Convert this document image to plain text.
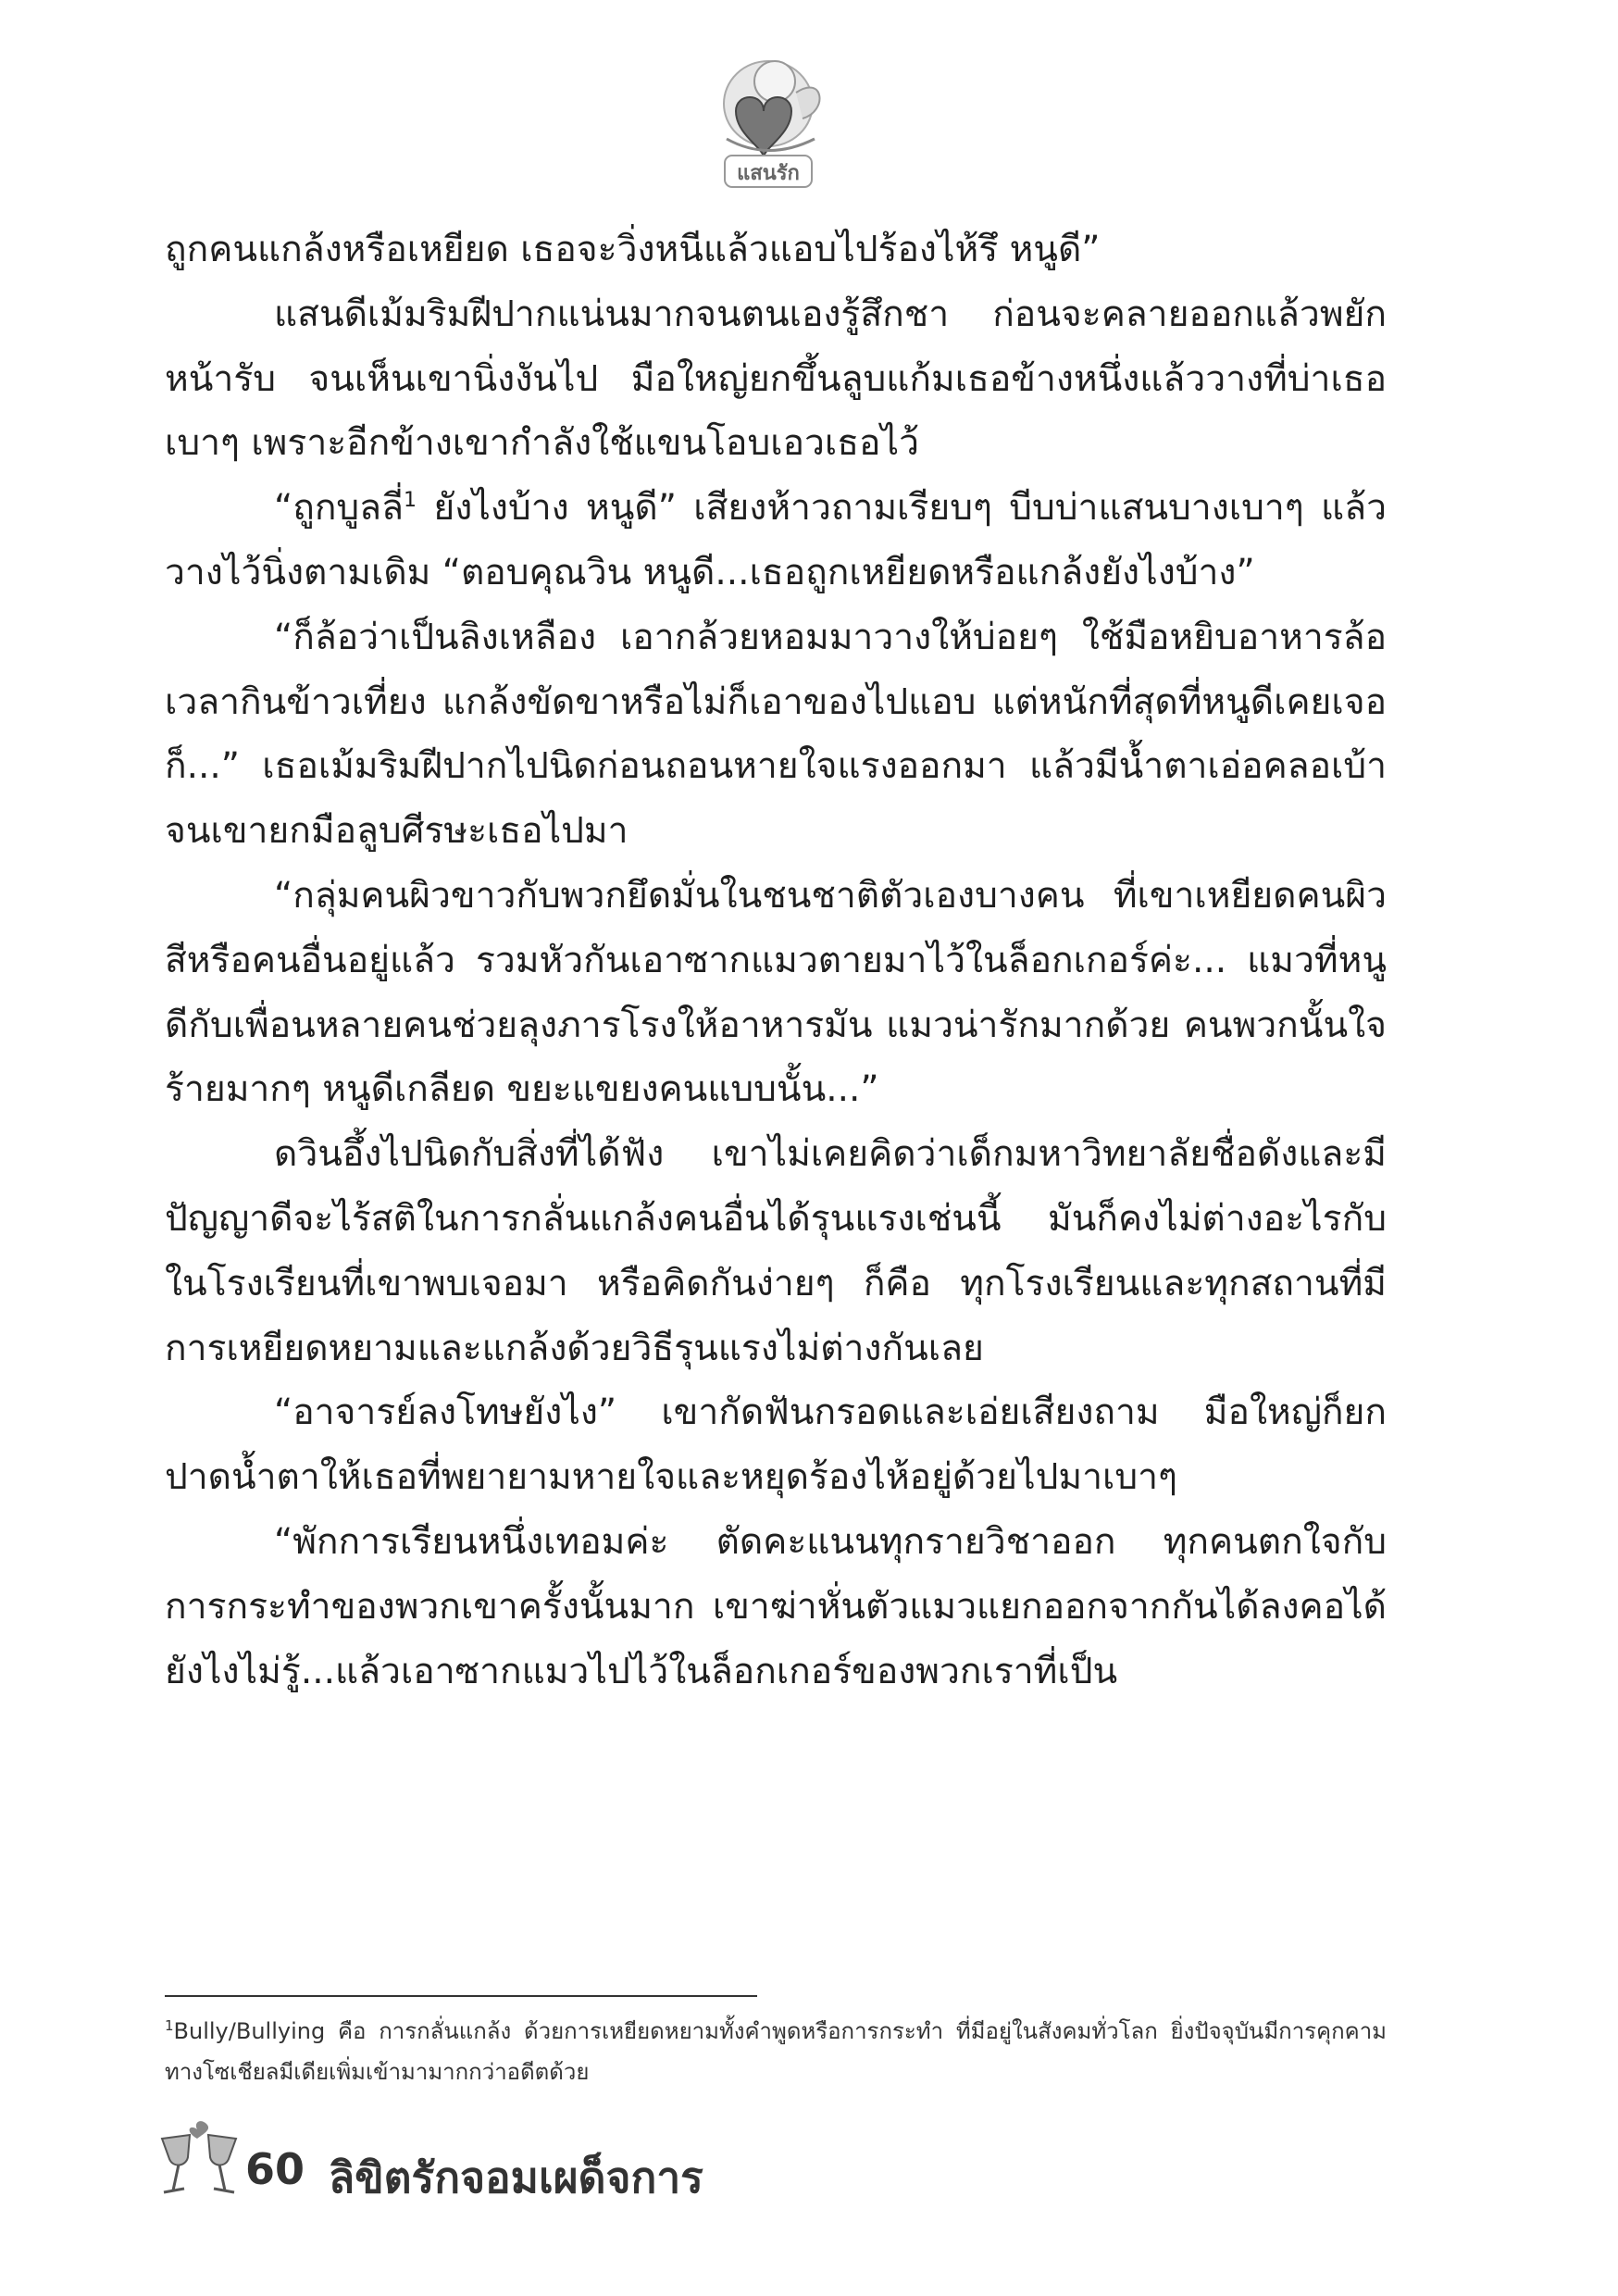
แสนรัก

ถูกคนแกล้งหรือเหยียด เธอจะวิ่งหนีแล้วแอบไปร้องไห้รึ หนูดี”

แสนดีเม้มริมฝีปากแน่นมากจนตนเองรู้สึกชา ก่อนจะคลายออกแล้วพยักหน้ารับ จนเห็นเขานิ่งงันไป มือใหญ่ยกขึ้นลูบแก้มเธอข้างหนึ่งแล้ววางที่บ่าเธอเบาๆ เพราะอีกข้างเขากำลังใช้แขนโอบเอวเธอไว้

“ถูกบูลลี่$^1$ ยังไงบ้าง หนูดี” เสียงห้าวถามเรียบๆ บีบบ่าแสนบางเบาๆ แล้ววางไว้นิ่งตามเดิม “ตอบคุณวิน หนูดี...เธอถูกเหยียดหรือแกล้งยังไงบ้าง”

“ก็ล้อว่าเป็นลิงเหลือง เอากล้วยหอมมาวางให้บ่อยๆ ใช้มือหยิบอาหารล้อเวลากินข้าวเที่ยง แกล้งขัดขาหรือไม่ก็เอาของไปแอบ แต่หนักที่สุดที่หนูดีเคยเจอก็...” เธอเม้มริมฝีปากไปนิดก่อนถอนหายใจแรงออกมา แล้วมีน้ำตาเอ่อคลอเบ้าจนเขายกมือลูบศีรษะเธอไปมา

“กลุ่มคนผิวขาวกับพวกยึดมั่นในชนชาติตัวเองบางคน ที่เขาเหยียดคนผิวสีหรือคนอื่นอยู่แล้ว รวมหัวกันเอาซากแมวตายมาไว้ในล็อกเกอร์ค่ะ... แมวที่หนูดีกับเพื่อนหลายคนช่วยลุงภารโรงให้อาหารมัน แมวน่ารักมากด้วย คนพวกนั้นใจร้ายมากๆ หนูดีเกลียด ขยะแขยงคนแบบนั้น...”

ดวินอึ้งไปนิดกับสิ่งที่ได้ฟัง เขาไม่เคยคิดว่าเด็กมหาวิทยาลัยชื่อดังและมีปัญญาดีจะไร้สติในการกลั่นแกล้งคนอื่นได้รุนแรงเช่นนี้ มันก็คงไม่ต่างอะไรกับในโรงเรียนที่เขาพบเจอมา หรือคิดกันง่ายๆ ก็คือ ทุกโรงเรียนและทุกสถานที่มีการเหยียดหยามและแกล้งด้วยวิธีรุนแรงไม่ต่างกันเลย

“อาจารย์ลงโทษยังไง” เขากัดฟันกรอดและเอ่ยเสียงถาม มือใหญ่ก็ยกปาดน้ำตาให้เธอที่พยายามหายใจและหยุดร้องไห้อยู่ด้วยไปมาเบาๆ

“พักการเรียนหนึ่งเทอมค่ะ ตัดคะแนนทุกรายวิชาออก ทุกคนตกใจกับการกระทำของพวกเขาครั้งนั้นมาก เขาฆ่าหั่นตัวแมวแยกออกจากกันได้ลงคอได้ยังไงไม่รู้...แล้วเอาซากแมวไปไว้ในล็อกเกอร์ของพวกเราที่เป็น

$^1$Bully/Bullying คือ การกลั่นแกล้ง ด้วยการเหยียดหยามทั้งคำพูดหรือการกระทำ ที่มีอยู่ในสังคมทั่วโลก ยิ่งปัจจุบันมีการคุกคามทางโซเชียลมีเดียเพิ่มเข้ามามากกว่าอดีตด้วย
60 ลิขิตรักจอมเผด็จการ
